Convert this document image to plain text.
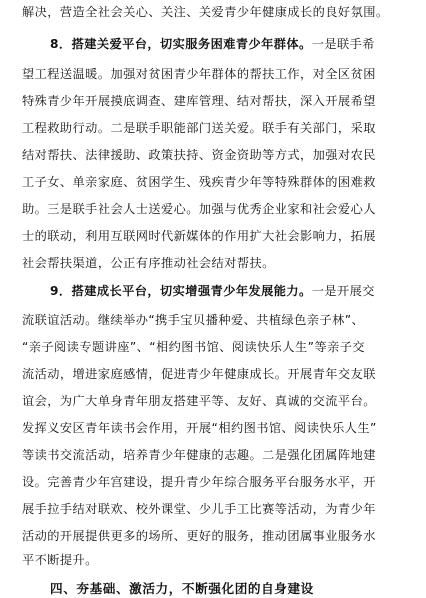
解决，营造全社会关心、关注、关爱青少年健康成长的良好氛围。
8．搭建关爱平台，切实服务困难青少年群体。一是联手希
望工程送温暖。加强对贫困青少年群体的帮扶工作，对全区贫困
特殊青少年开展摸底调查、建库管理、结对帮扶，深入开展希望
工程救助行动。二是联手职能部门送关爱。联手有关部门，采取
结对帮扶、法律援助、政策扶持、资金资助等方式，加强对农民
工子女、单亲家庭、贫困学生、残疾青少年等特殊群体的困难救
助。三是联手社会人士送爱心。加强与优秀企业家和社会爱心人
士的联动，利用互联网时代新媒体的作用扩大社会影响力，拓展
社会帮扶渠道，公正有序推动社会结对帮扶。
9．搭建成长平台，切实增强青少年发展能力。一是开展交
流联谊活动。继续举办“携手宝贝播种爱、共植绿色亲子林”、
“亲子阅读专题讲座”、“相约图书馆、阅读快乐人生”等亲子交
流活动，增进家庭感情，促进青少年健康成长。开展青年交友联
谊会，为广大单身青年朋友搭建平等、友好、真诚的交流平台。
发挥义安区青年读书会作用，开展“相约图书馆、阅读快乐人生”
等读书交流活动，培养青少年健康的志趣。二是强化团属阵地建
设。完善青少年宫建设，提升青少年综合服务平台服务水平，开
展手拉手结对联欢、校外课堂、少儿手工比赛等活动，为青少年
活动的开展提供更多的场所、更好的服务，推动团属事业服务水
平不断提升。
四、夯基础、激活力，不断强化团的自身建设
